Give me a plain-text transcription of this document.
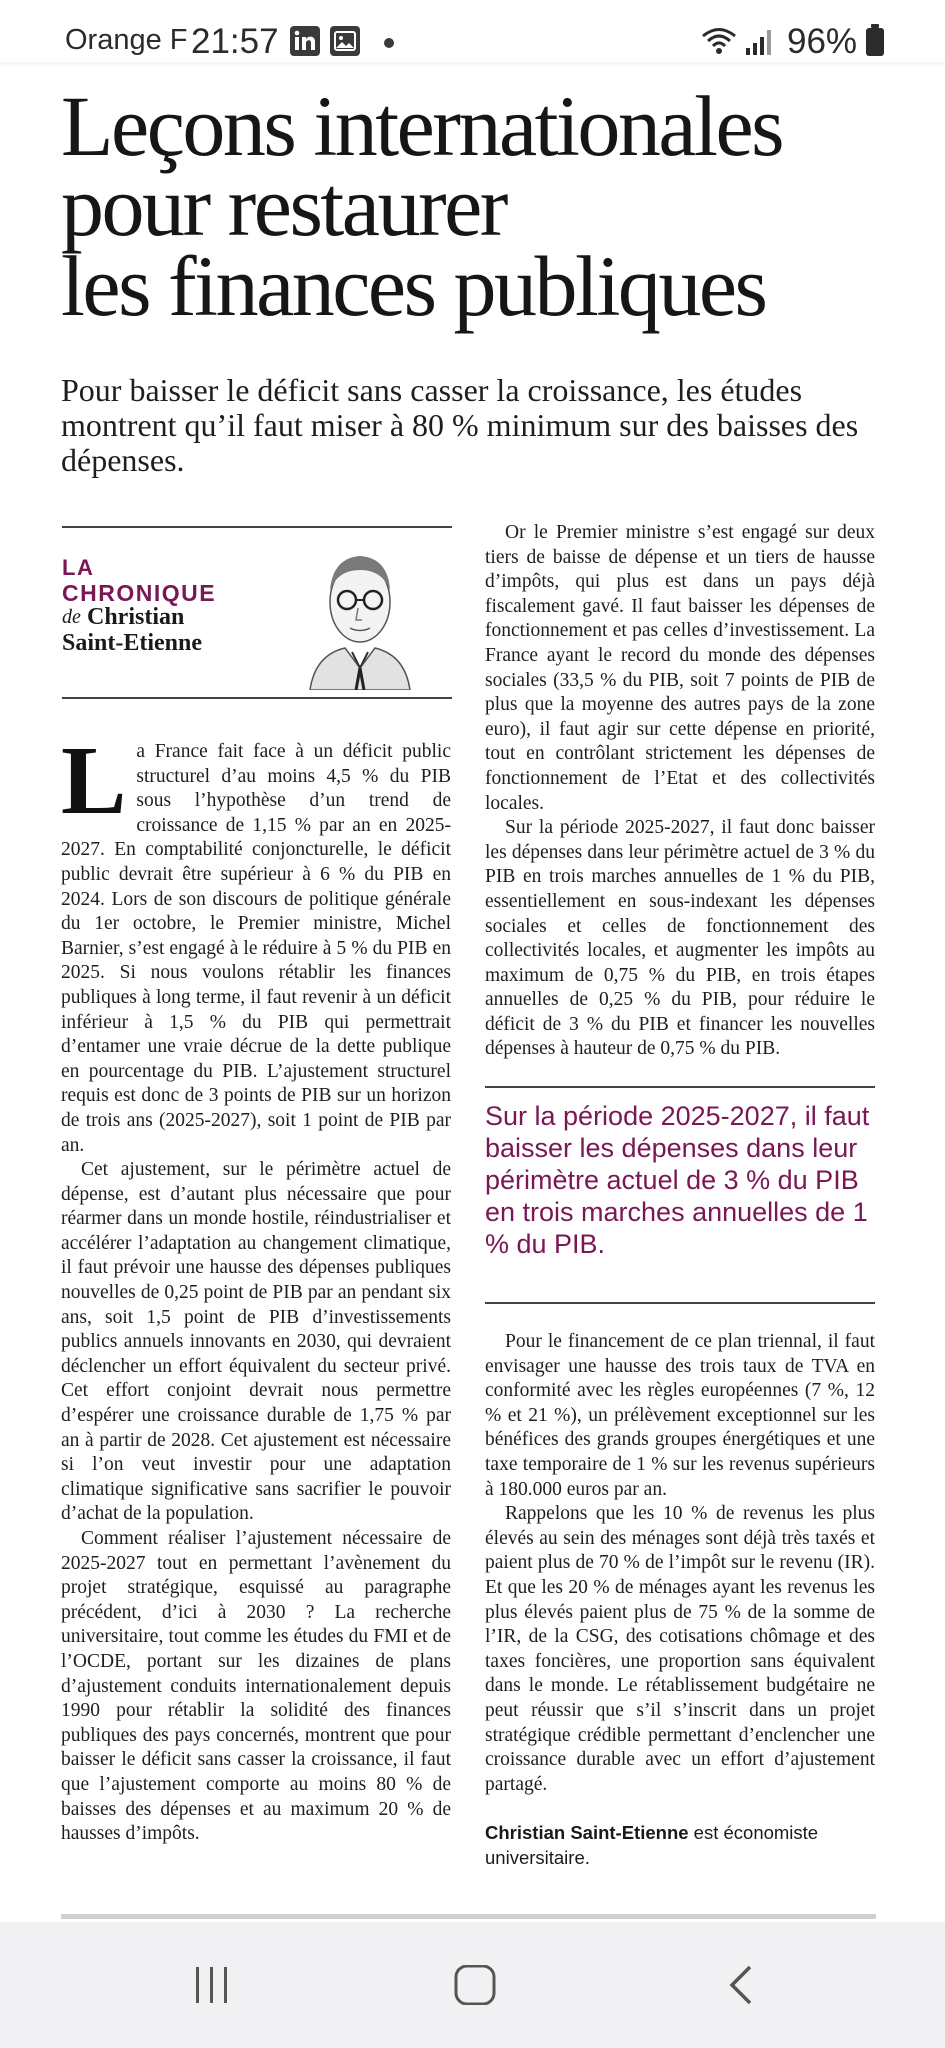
Orange F 21:57	96%
Leçons internationales
pour restaurer
les finances publiques

Pour baisser le déficit sans casser la croissance, les études montrent qu’il faut miser à 80 % minimum sur des baisses des dépenses.

LA
CHRONIQUE
de Christian
Saint-Etienne

La France fait face à un déficit public structurel d’au moins 4,5 % du PIB sous l’hypothèse d’un trend de croissance de 1,15 % par an en 2025-2027. En comptabilité conjoncturelle, le déficit public devrait être supérieur à 6 % du PIB en 2024. Lors de son discours de politique générale du 1er octobre, le Premier ministre, Michel Barnier, s’est engagé à le réduire à 5 % du PIB en 2025. Si nous voulons rétablir les finances publiques à long terme, il faut revenir à un déficit inférieur à 1,5 % du PIB qui permettrait d’entamer une vraie décrue de la dette publique en pourcentage du PIB. L’ajustement structurel requis est donc de 3 points de PIB sur un horizon de trois ans (2025-2027), soit 1 point de PIB par an.

Cet ajustement, sur le périmètre actuel de dépense, est d’autant plus nécessaire que pour réarmer dans un monde hostile, réindustrialiser et accélérer l’adaptation au changement climatique, il faut prévoir une hausse des dépenses publiques nouvelles de 0,25 point de PIB par an pendant six ans, soit 1,5 point de PIB d’investissements publics annuels innovants en 2030, qui devraient déclencher un effort équivalent du secteur privé. Cet effort conjoint devrait nous permettre d’espérer une croissance durable de 1,75 % par an à partir de 2028. Cet ajustement est nécessaire si l’on veut investir pour une adaptation climatique significative sans sacrifier le pouvoir d’achat de la population.

Comment réaliser l’ajustement nécessaire de 2025-2027 tout en permettant l’avènement du projet stratégique, esquissé au paragraphe précédent, d’ici à 2030 ? La recherche universitaire, tout comme les études du FMI et de l’OCDE, portant sur les dizaines de plans d’ajustement conduits internationalement depuis 1990 pour rétablir la solidité des finances publiques des pays concernés, montrent que pour baisser le déficit sans casser la croissance, il faut que l’ajustement comporte au moins 80 % de baisses des dépenses et au maximum 20 % de hausses d’impôts.

Or le Premier ministre s’est engagé sur deux tiers de baisse de dépense et un tiers de hausse d’impôts, qui plus est dans un pays déjà fiscalement gavé. Il faut baisser les dépenses de fonctionnement et pas celles d’investissement. La France ayant le record du monde des dépenses sociales (33,5 % du PIB, soit 7 points de PIB de plus que la moyenne des autres pays de la zone euro), il faut agir sur cette dépense en priorité, tout en contrôlant strictement les dépenses de fonctionnement de l’Etat et des collectivités locales.

Sur la période 2025-2027, il faut donc baisser les dépenses dans leur périmètre actuel de 3 % du PIB en trois marches annuelles de 1 % du PIB, essentiellement en sous-indexant les dépenses sociales et celles de fonctionnement des collectivités locales, et augmenter les impôts au maximum de 0,75 % du PIB, en trois étapes annuelles de 0,25 % du PIB, pour réduire le déficit de 3 % du PIB et financer les nouvelles dépenses à hauteur de 0,75 % du PIB.

Sur la période 2025-2027, il faut baisser les dépenses dans leur périmètre actuel de 3 % du PIB en trois marches annuelles de 1 % du PIB.

Pour le financement de ce plan triennal, il faut envisager une hausse des trois taux de TVA en conformité avec les règles européennes (7 %, 12 % et 21 %), un prélèvement exceptionnel sur les bénéfices des grands groupes énergétiques et une taxe temporaire de 1 % sur les revenus supérieurs à 180.000 euros par an.

Rappelons que les 10 % de revenus les plus élevés au sein des ménages sont déjà très taxés et paient plus de 70 % de l’impôt sur le revenu (IR). Et que les 20 % de ménages ayant les revenus les plus élevés paient plus de 75 % de la somme de l’IR, de la CSG, des cotisations chômage et des taxes foncières, une proportion sans équivalent dans le monde. Le rétablissement budgétaire ne peut réussir que s’il s’inscrit dans un projet stratégique crédible permettant d’enclencher une croissance durable avec un effort d’ajustement partagé.

Christian Saint-Etienne est économiste universitaire.
